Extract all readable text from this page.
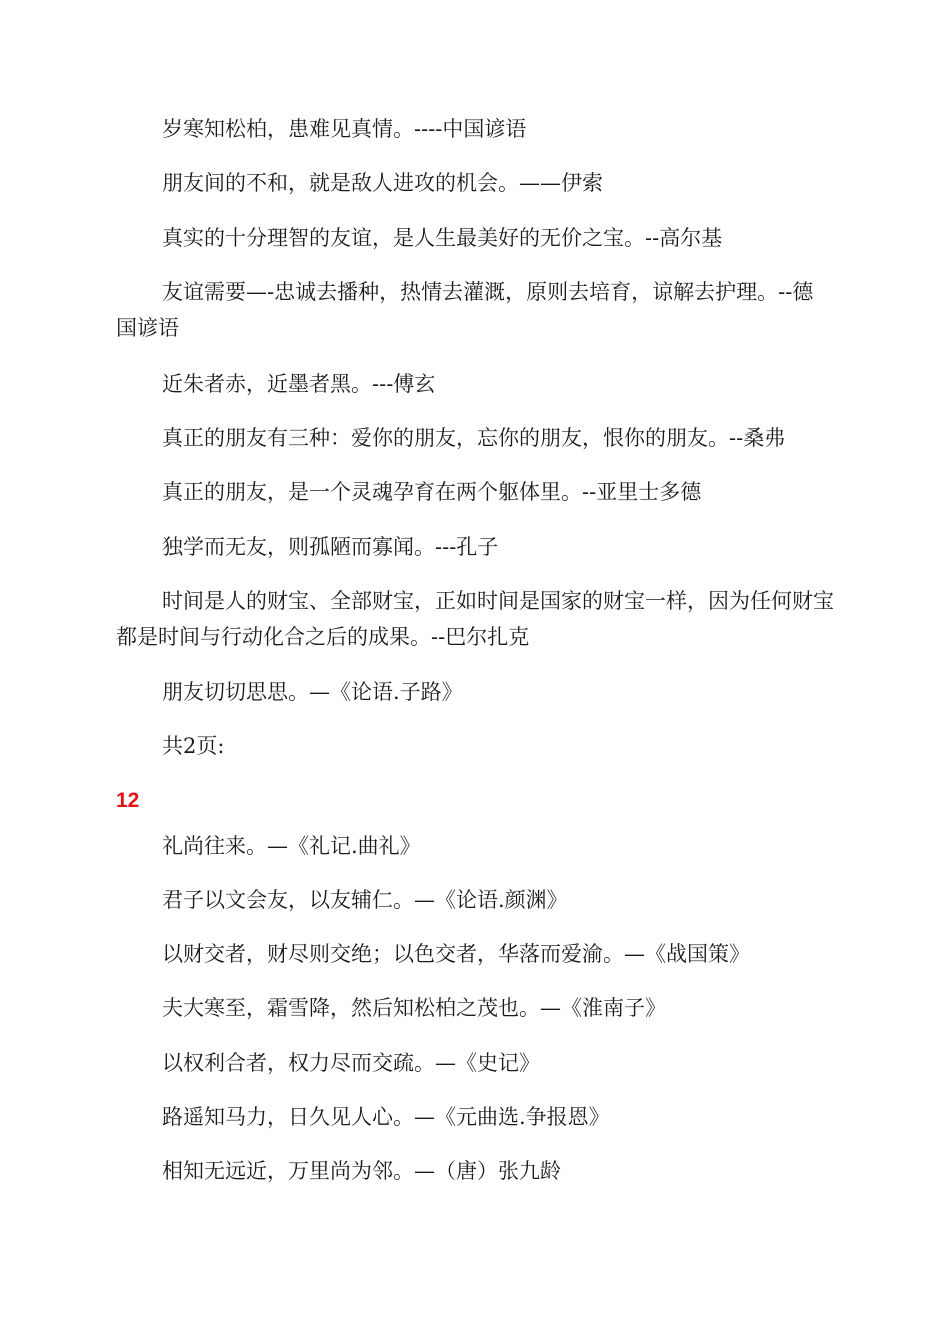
岁寒知松柏，患难见真情。----中国谚语

朋友间的不和，就是敌人进攻的机会。——伊索

真实的十分理智的友谊，是人生最美好的无价之宝。--高尔基

友谊需要—-忠诚去播种，热情去灌溉，原则去培育，谅解去护理。--德国谚语

近朱者赤，近墨者黑。---傅玄

真正的朋友有三种：爱你的朋友，忘你的朋友，恨你的朋友。--桑弗

真正的朋友，是一个灵魂孕育在两个躯体里。--亚里士多德

独学而无友，则孤陋而寡闻。---孔子

时间是人的财宝、全部财宝，正如时间是国家的财宝一样，因为任何财宝都是时间与行动化合之后的成果。--巴尔扎克

朋友切切思思。—《论语.子路》

共2页:

12

礼尚往来。—《礼记.曲礼》

君子以文会友，以友辅仁。—《论语.颜渊》

以财交者，财尽则交绝；以色交者，华落而爱渝。—《战国策》

夫大寒至，霜雪降，然后知松柏之茂也。—《淮南子》

以权利合者，权力尽而交疏。—《史记》

路遥知马力，日久见人心。—《元曲选.争报恩》

相知无远近，万里尚为邻。—（唐）张九龄
